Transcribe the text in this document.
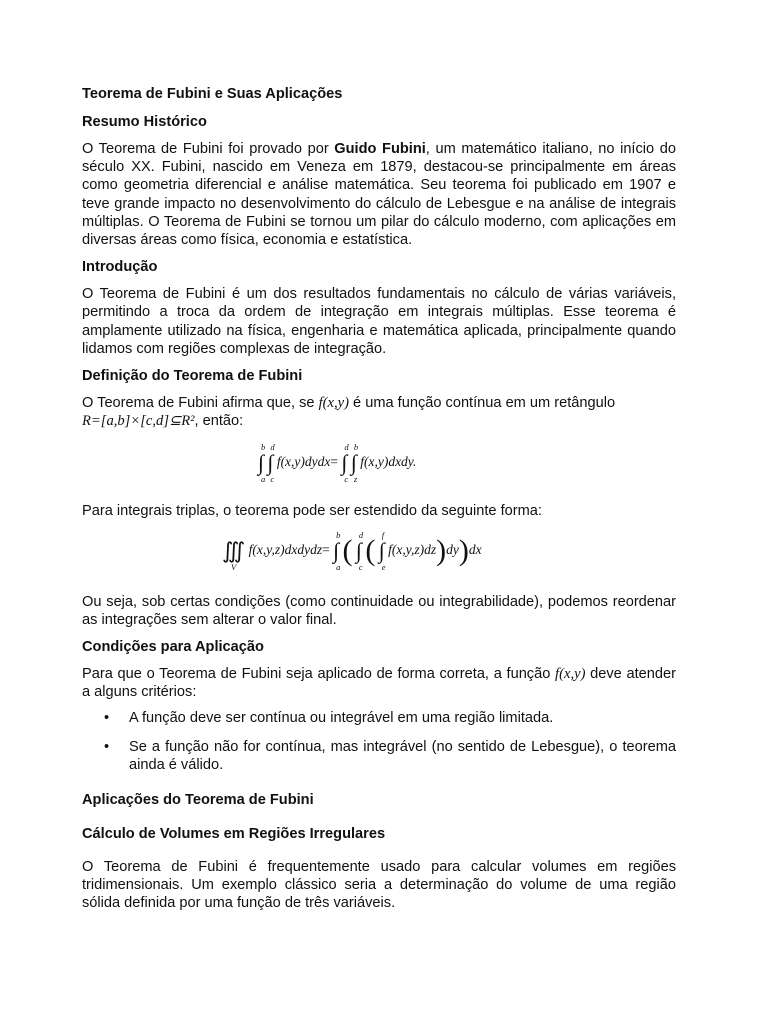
Teorema de Fubini e Suas Aplicações
Resumo Histórico

O Teorema de Fubini foi provado por Guido Fubini, um matemático italiano, no início do século XX. Fubini, nascido em Veneza em 1879, destacou-se principalmente em áreas como geometria diferencial e análise matemática. Seu teorema foi publicado em 1907 e teve grande impacto no desenvolvimento do cálculo de Lebesgue e na análise de integrais múltiplas. O Teorema de Fubini se tornou um pilar do cálculo moderno, com aplicações em diversas áreas como física, economia e estatística.

Introdução

O Teorema de Fubini é um dos resultados fundamentais no cálculo de várias variáveis, permitindo a troca da ordem de integração em integrais múltiplas. Esse teorema é amplamente utilizado na física, engenharia e matemática aplicada, principalmente quando lidamos com regiões complexas de integração.

Definição do Teorema de Fubini

O Teorema de Fubini afirma que, se f(x,y) é uma função contínua em um retângulo
R=[a,b]×[c,d]⊆R², então:

Para integrais triplas, o teorema pode ser estendido da seguinte forma:

Ou seja, sob certas condições (como continuidade ou integrabilidade), podemos reordenar as integrações sem alterar o valor final.

Condições para Aplicação

Para que o Teorema de Fubini seja aplicado de forma correta, a função f(x,y) deve atender a alguns critérios:

• A função deve ser contínua ou integrável em uma região limitada.
• Se a função não for contínua, mas integrável (no sentido de Lebesgue), o teorema ainda é válido.
Aplicações do Teorema de Fubini
Cálculo de Volumes em Regiões Irregulares

O Teorema de Fubini é frequentemente usado para calcular volumes em regiões tridimensionais. Um exemplo clássico seria a determinação do volume de uma região sólida definida por uma função de três variáveis.

∫
b
a
∫
d
c
f(x,y)dydx= ∫
d
c
∫
b
z
f(x,y)dxdy.
∭
V
f(x,y,z)dxdydz= ∫
b
a ( ∫
d
c ( ∫
f
e
f(x,y,z)dz)dy)dx
